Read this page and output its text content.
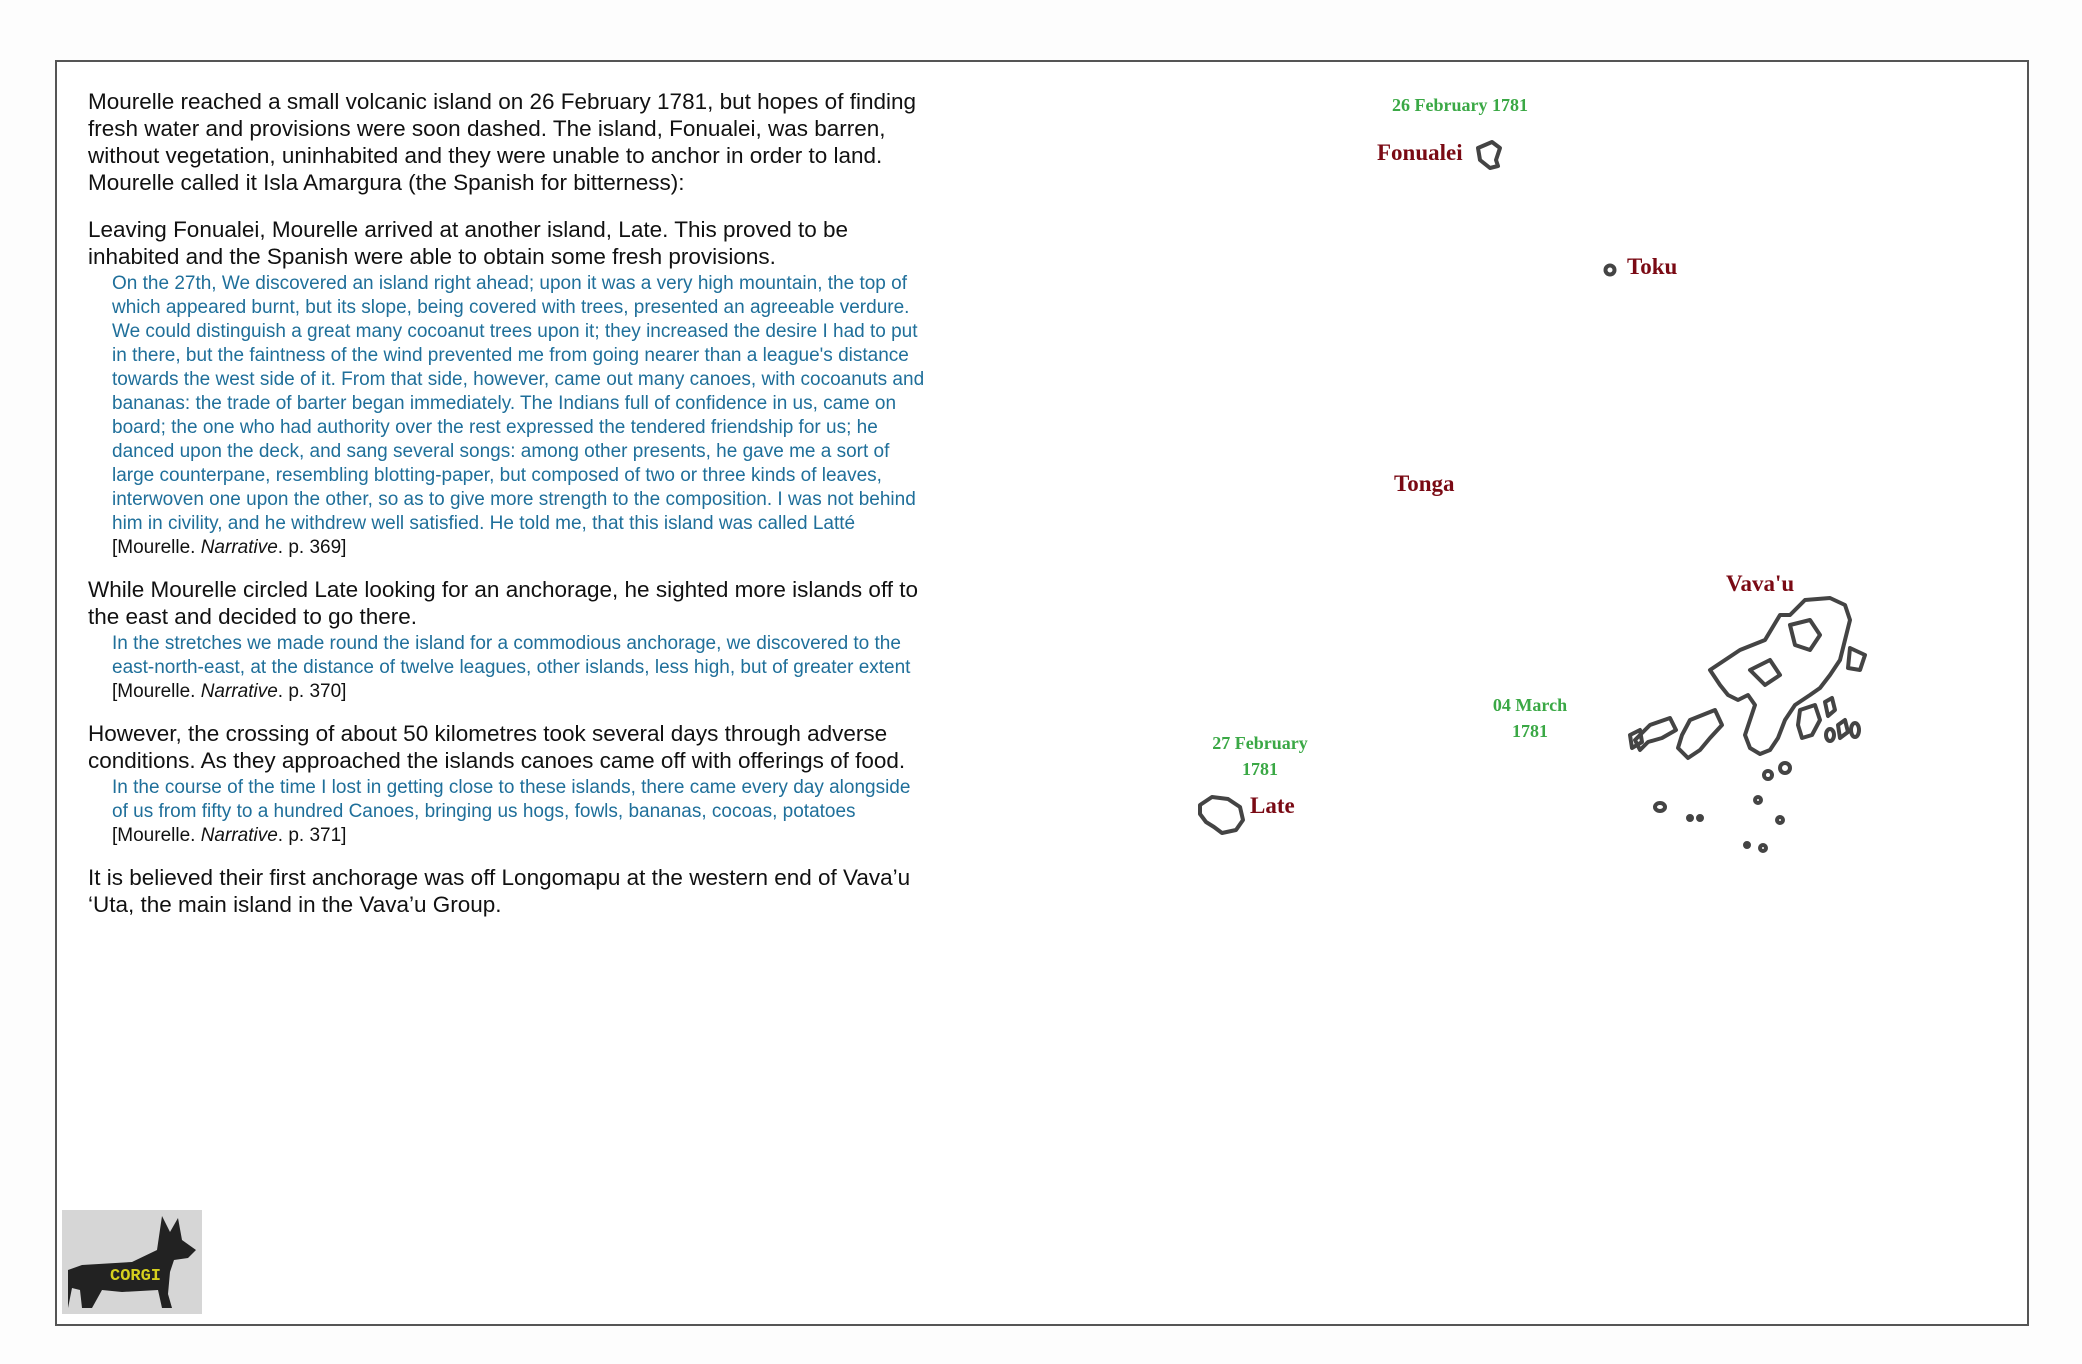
Mourelle reached a small volcanic island on 26 February 1781, but hopes of finding fresh water and provisions were soon dashed. The island, Fonualei, was barren, without vegetation, uninhabited and they were unable to anchor in order to land. Mourelle called it Isla Amargura (the Spanish for bitterness):

Leaving Fonualei, Mourelle arrived at another island, Late. This proved to be inhabited and the Spanish were able to obtain some fresh provisions.

On the 27th, We discovered an island right ahead; upon it was a very high mountain, the top of which appeared burnt, but its slope, being covered with trees, presented an agreeable verdure. We could distinguish a great many cocoanut trees upon it; they increased the desire I had to put in there, but the faintness of the wind prevented me from going nearer than a league's distance towards the west side of it. From that side, however, came out many canoes, with cocoanuts and bananas: the trade of barter began immediately. The Indians full of confidence in us, came on board; the one who had authority over the rest expressed the tendered friendship for us; he danced upon the deck, and sang several songs: among other presents, he gave me a sort of large counterpane, resembling blotting-paper, but composed of two or three kinds of leaves, interwoven one upon the other, so as to give more strength to the composition. I was not behind him in civility, and he withdrew well satisfied. He told me, that this island was called Latté [Mourelle. Narrative. p. 369]

While Mourelle circled Late looking for an anchorage, he sighted more islands off to the east and decided to go there.

In the stretches we made round the island for a commodious anchorage, we discovered to the east-north-east, at the distance of twelve leagues, other islands, less high, but of greater extent [Mourelle. Narrative. p. 370]

However, the crossing of about 50 kilometres took several days through adverse conditions. As they approached the islands canoes came off with offerings of food.

In the course of the time I lost in getting close to these islands, there came every day alongside of us from fifty to a hundred Canoes, bringing us hogs, fowls, bananas, cocoas, potatoes [Mourelle. Narrative. p. 371]

It is believed their first anchorage was off Longomapu at the western end of Vava’u ‘Uta, the main island in the Vava’u Group.

26 February 1781
Fonualei
Toku
Tonga
Vava'u
04 March
1781
27 February
1781
Late
CORGI
